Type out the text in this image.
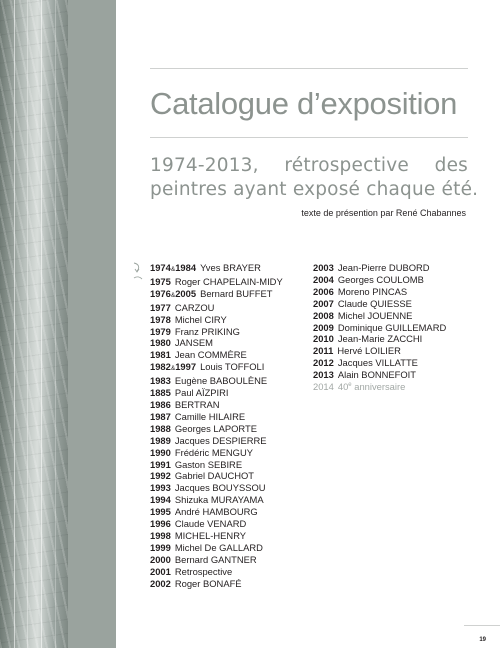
Catalogue d’exposition
1974-2013, rétrospective des
peintres ayant exposé chaque été.
texte de présention par René Chabannes
1974&1984 Yves BRAYER
1975 Roger CHAPELAIN-MIDY
1976&2005 Bernard BUFFET
1977 CARZOU
1978 Michel CIRY
1979 Franz PRIKING
1980 JANSEM
1981 Jean COMMÈRE
1982&1997 Louis TOFFOLI
1983 Eugène BABOULÈNE
1885 Paul AÏZPIRI
1986 BERTRAN
1987 Camille HILAIRE
1988 Georges LAPORTE
1989 Jacques DESPIERRE
1990 Frédéric MENGUY
1991 Gaston SEBIRE
1992 Gabriel DAUCHOT
1993 Jacques BOUYSSOU
1994 Shizuka MURAYAMA
1995 André HAMBOURG
1996 Claude VENARD
1998 MICHEL-HENRY
1999 Michel De GALLARD
2000 Bernard GANTNER
2001 Retrospective
2002 Roger BONAFÉ
2003 Jean-Pierre DUBORD
2004 Georges COULOMB
2006 Moreno PINCAS
2007 Claude QUIESSE
2008 Michel JOUENNE
2009 Dominique GUILLEMARD
2010 Jean-Marie ZACCHI
2011 Hervé LOILIER
2012 Jacques VILLATTE
2013 Alain BONNEFOIT
2014 40e anniversaire
19
